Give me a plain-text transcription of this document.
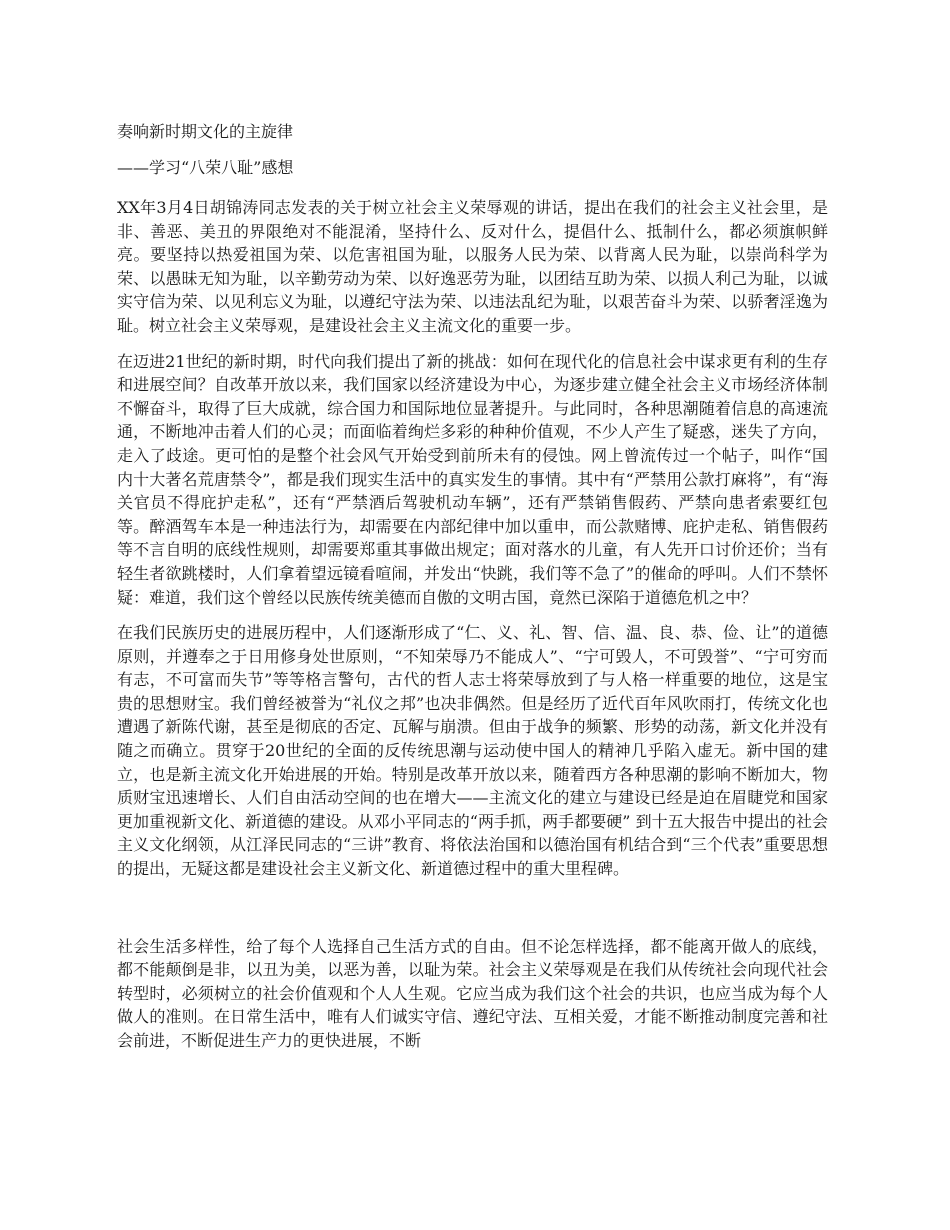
奏响新时期文化的主旋律
——学习“八荣八耻”感想

XX年3月4日胡锦涛同志发表的关于树立社会主义荣辱观的讲话，提出在我们的社会主义社会里，是非、善恶、美丑的界限绝对不能混淆，坚持什么、反对什么，提倡什么、抵制什么，都必须旗帜鲜亮。要坚持以热爱祖国为荣、以危害祖国为耻，以服务人民为荣、以背离人民为耻，以崇尚科学为荣、以愚昧无知为耻，以辛勤劳动为荣、以好逸恶劳为耻，以团结互助为荣、以损人利己为耻，以诚实守信为荣、以见利忘义为耻，以遵纪守法为荣、以违法乱纪为耻，以艰苦奋斗为荣、以骄奢淫逸为耻。树立社会主义荣辱观，是建设社会主义主流文化的重要一步。

在迈进21世纪的新时期，时代向我们提出了新的挑战：如何在现代化的信息社会中谋求更有利的生存和进展空间？自改革开放以来，我们国家以经济建设为中心，为逐步建立健全社会主义市场经济体制不懈奋斗，取得了巨大成就，综合国力和国际地位显著提升。与此同时，各种思潮随着信息的高速流通，不断地冲击着人们的心灵；而面临着绚烂多彩的种种价值观，不少人产生了疑惑，迷失了方向，走入了歧途。更可怕的是整个社会风气开始受到前所未有的侵蚀。网上曾流传过一个帖子，叫作“国内十大著名荒唐禁令”，都是我们现实生活中的真实发生的事情。其中有“严禁用公款打麻将”，有“海关官员不得庇护走私”，还有“严禁酒后驾驶机动车辆”，还有严禁销售假药、严禁向患者索要红包等。醉酒驾车本是一种违法行为，却需要在内部纪律中加以重申，而公款赌博、庇护走私、销售假药等不言自明的底线性规则，却需要郑重其事做出规定；面对落水的儿童，有人先开口讨价还价；当有轻生者欲跳楼时，人们拿着望远镜看喧闹，并发出“快跳，我们等不急了”的催命的呼叫。人们不禁怀疑：难道，我们这个曾经以民族传统美德而自傲的文明古国，竟然已深陷于道德危机之中？

在我们民族历史的进展历程中，人们逐渐形成了“仁、义、礼、智、信、温、良、恭、俭、让”的道德原则，并遵奉之于日用修身处世原则，“不知荣辱乃不能成人”、“宁可毁人，不可毁誉”、“宁可穷而有志，不可富而失节”等等格言警句，古代的哲人志士将荣辱放到了与人格一样重要的地位，这是宝贵的思想财宝。我们曾经被誉为“礼仪之邦”也决非偶然。但是经历了近代百年风吹雨打，传统文化也遭遇了新陈代谢，甚至是彻底的否定、瓦解与崩溃。但由于战争的频繁、形势的动荡，新文化并没有随之而确立。贯穿于20世纪的全面的反传统思潮与运动使中国人的精神几乎陷入虚无。新中国的建立，也是新主流文化开始进展的开始。特别是改革开放以来，随着西方各种思潮的影响不断加大，物质财宝迅速增长、人们自由活动空间的也在增大——主流文化的建立与建设已经是迫在眉睫党和国家更加重视新文化、新道德的建设。从邓小平同志的“两手抓，两手都要硬” 到十五大报告中提出的社会主义文化纲领，从江泽民同志的“三讲”教育、将依法治国和以德治国有机结合到“三个代表”重要思想的提出，无疑这都是建设社会主义新文化、新道德过程中的重大里程碑。

社会生活多样性，给了每个人选择自己生活方式的自由。但不论怎样选择，都不能离开做人的底线，都不能颠倒是非，以丑为美，以恶为善，以耻为荣。社会主义荣辱观是在我们从传统社会向现代社会转型时，必须树立的社会价值观和个人人生观。它应当成为我们这个社会的共识，也应当成为每个人做人的准则。在日常生活中，唯有人们诚实守信、遵纪守法、互相关爱，才能不断推动制度完善和社会前进，不断促进生产力的更快进展，不断
